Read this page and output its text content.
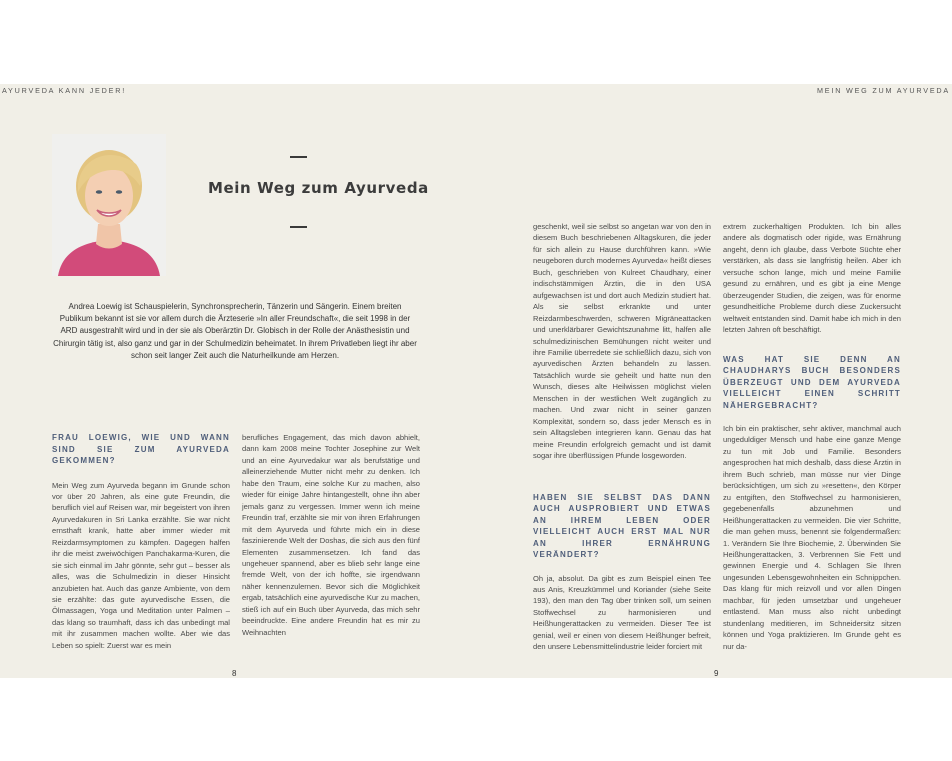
AYURVEDA KANN JEDER!	MEIN WEG ZUM AYURVEDA
Mein Weg zum Ayurveda
Andrea Loewig ist Schauspielerin, Synchronsprecherin, Tänzerin und Sängerin. Einem breiten Publikum bekannt ist sie vor allem durch die Ärzteserie »In aller Freundschaft«, die seit 1998 in der ARD ausgestrahlt wird und in der sie als Oberärztin Dr. Globisch in der Rolle der Anästhesistin und Chirurgin tätig ist, also ganz und gar in der Schulmedizin beheimatet. In ihrem Privatleben liegt ihr aber schon seit langer Zeit auch die Naturheilkunde am Herzen.

FRAU LOEWIG, WIE UND WANN SIND SIE ZUM AYURVEDA GEKOMMEN?

Mein Weg zum Ayurveda begann im Grunde schon vor über 20 Jahren, als eine gute Freundin, die beruflich viel auf Reisen war, mir begeistert von ihren Ayurvedakuren in Sri Lanka erzählte. Sie war nicht ernsthaft krank, hatte aber immer wieder mit Reizdarmsymptomen zu kämpfen. Dagegen halfen ihr die meist zweiwöchigen Panchakarma-Kuren, die sie sich einmal im Jahr gönnte, sehr gut – besser als alles, was die Schulmedizin in dieser Hinsicht anzubieten hat. Auch das ganze Ambiente, von dem sie erzählte: das gute ayurvedische Essen, die Ölmassagen, Yoga und Meditation unter Palmen – das klang so traumhaft, dass ich das unbedingt mal mit ihr zusammen machen wollte. Aber wie das Leben so spielt: Zuerst war es mein

berufliches Engagement, das mich davon abhielt, dann kam 2008 meine Tochter Josephine zur Welt und an eine Ayurvedakur war als berufstätige und alleinerziehende Mutter nicht mehr zu denken. Ich habe den Traum, eine solche Kur zu machen, also wieder für einige Jahre hintangestellt, ohne ihn aber jemals ganz zu vergessen. Immer wenn ich meine Freundin traf, erzählte sie mir von ihren Erfahrungen mit dem Ayurveda und führte mich ein in diese faszinierende Welt der Doshas, die sich aus den fünf Elementen zusammensetzen. Ich fand das ungeheuer spannend, aber es blieb sehr lange eine fremde Welt, von der ich hoffte, sie irgendwann näher kennenzulernen. Bevor sich die Möglichkeit ergab, tatsächlich eine ayurvedische Kur zu machen, stieß ich auf ein Buch über Ayurveda, das mich sehr beeindruckte. Eine andere Freundin hat es mir zu Weihnachten

8

geschenkt, weil sie selbst so angetan war von den in diesem Buch beschriebenen Alltagskuren, die jeder für sich allein zu Hause durchführen kann. »Wie neugeboren durch modernes Ayurveda« heißt dieses Buch, geschrieben von Kulreet Chaudhary, einer indischstämmigen Ärztin, die in den USA aufgewachsen ist und dort auch Medizin studiert hat. Als sie selbst erkrankte und unter Reizdarmbeschwerden, schweren Migräneattacken und unerklärbarer Gewichtszunahme litt, halfen alle schulmedizinischen Bemühungen nicht weiter und ihre Familie überredete sie schließlich dazu, sich von ayurvedischen Ärzten behandeln zu lassen. Tatsächlich wurde sie geheilt und hatte nun den Wunsch, dieses alte Heilwissen möglichst vielen Menschen in der westlichen Welt zugänglich zu machen. Und zwar nicht in seiner ganzen Komplexität, sondern so, dass jeder Mensch es in sein Alltagsleben integrieren kann. Genau das hat meine Freundin erfolgreich gemacht und ist damit sogar ihre überflüssigen Pfunde losgeworden.

HABEN SIE SELBST DAS DANN AUCH AUSPROBIERT UND ETWAS AN IHREM LEBEN ODER VIELLEICHT AUCH ERST MAL NUR AN IHRER ERNÄHRUNG VERÄNDERT?

Oh ja, absolut. Da gibt es zum Beispiel einen Tee aus Anis, Kreuzkümmel und Koriander (siehe Seite 193), den man den Tag über trinken soll, um seinen Stoffwechsel zu harmonisieren und Heißhungerattacken zu vermeiden. Dieser Tee ist genial, weil er einen von diesem Heißhunger befreit, den unsere Lebensmittelindustrie leider forciert mit

extrem zuckerhaltigen Produkten. Ich bin alles andere als dogmatisch oder rigide, was Ernährung angeht, denn ich glaube, dass Verbote Süchte eher verstärken, als dass sie langfristig heilen. Aber ich versuche schon lange, mich und meine Familie gesund zu ernähren, und es gibt ja eine Menge überzeugender Studien, die zeigen, was für enorme gesundheitliche Probleme durch diese Zuckersucht weltweit entstanden sind. Damit habe ich mich in den letzten Jahren oft beschäftigt.

WAS HAT SIE DENN AN CHAUDHARYS BUCH BESONDERS ÜBERZEUGT UND DEM AYURVEDA VIELLEICHT EINEN SCHRITT NÄHERGEBRACHT?

Ich bin ein praktischer, sehr aktiver, manchmal auch ungeduldiger Mensch und habe eine ganze Menge zu tun mit Job und Familie. Besonders angesprochen hat mich deshalb, dass diese Ärztin in ihrem Buch schrieb, man müsse nur vier Dinge berücksichtigen, um sich zu »resetten«, den Körper zu entgiften, den Stoffwechsel zu harmonisieren, gegebenenfalls abzunehmen und Heißhungerattacken zu vermeiden. Die vier Schritte, die man gehen muss, benennt sie folgendermaßen: 1. Verändern Sie Ihre Biochemie, 2. Überwinden Sie Heißhungerattacken, 3. Verbrennen Sie Fett und gewinnen Energie und 4. Schlagen Sie Ihren ungesunden Lebensgewohnheiten ein Schnippchen. Das klang für mich reizvoll und vor allen Dingen machbar, für jeden umsetzbar und ungeheuer entlastend. Man muss also nicht unbedingt stundenlang meditieren, im Schneidersitz sitzen können und Yoga praktizieren. Im Grunde geht es nur da-

9
